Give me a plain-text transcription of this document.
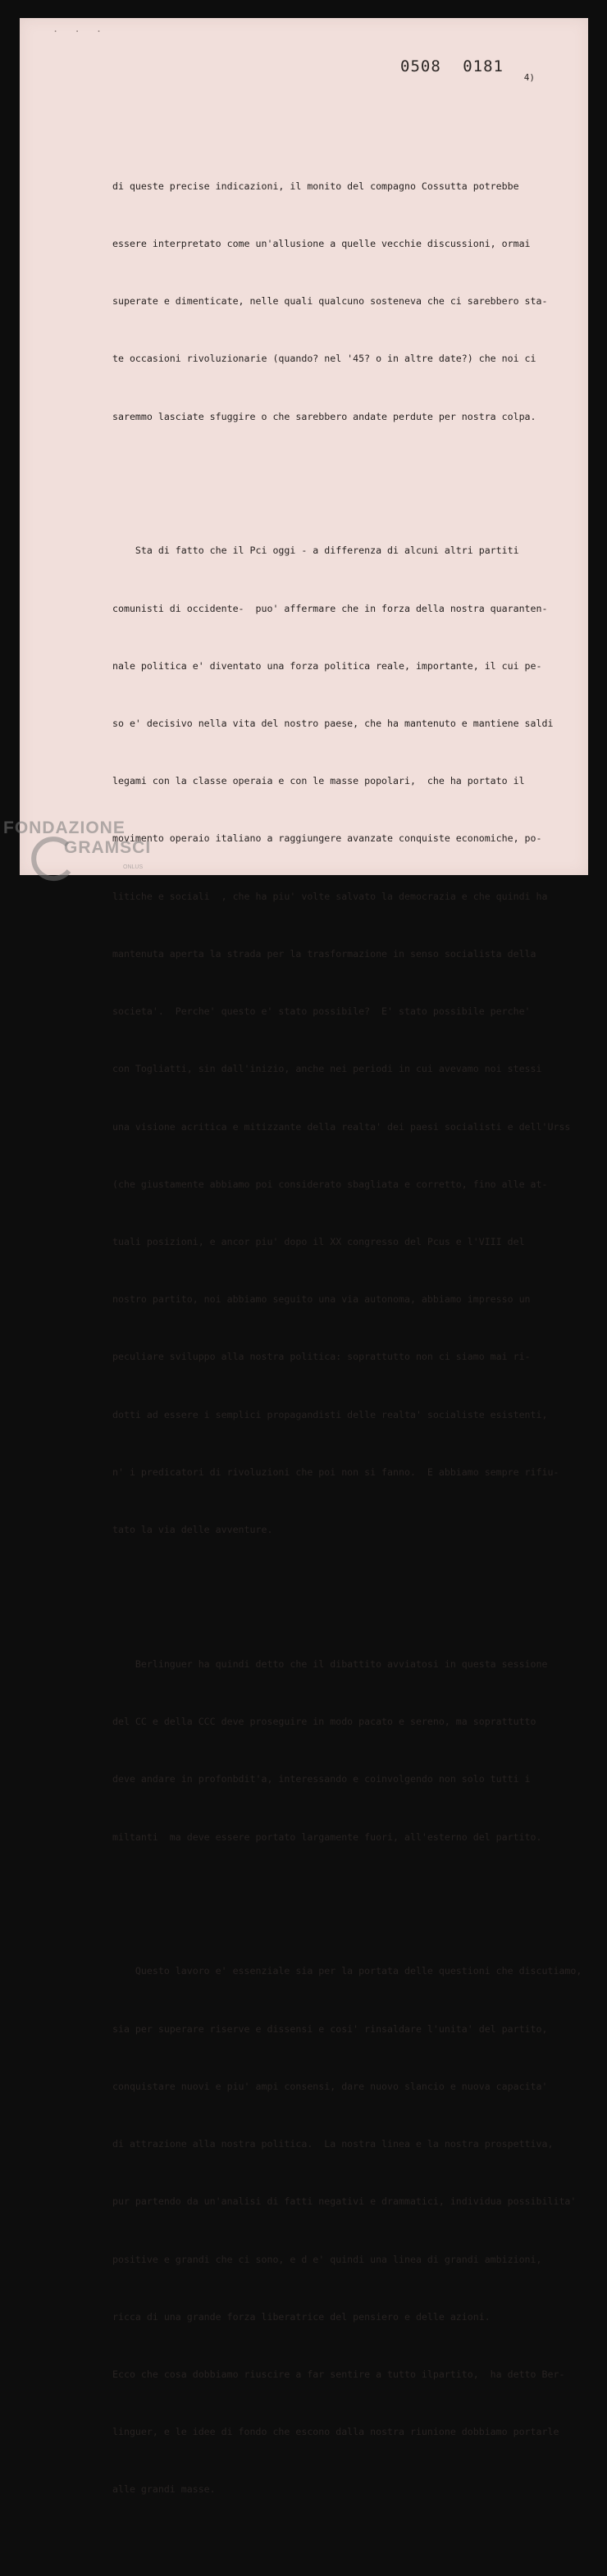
. . .
0508 0181
4)

di queste precise indicazioni, il monito del compagno Cossutta potrebbe

essere interpretato come un'allusione a quelle vecchie discussioni, ormai

superate e dimenticate, nelle quali qualcuno sosteneva che ci sarebbero sta-

te occasioni rivoluzionarie (quando? nel '45? o in altre date?) che noi ci

saremmo lasciate sfuggire o che sarebbero andate perdute per nostra colpa.

Sta di fatto che il Pci oggi - a differenza di alcuni altri partiti

comunisti di occidente-  puo' affermare che in forza della nostra quaranten-

nale politica e' diventato una forza politica reale, importante, il cui pe-

so e' decisivo nella vita del nostro paese, che ha mantenuto e mantiene saldi

legami con la classe operaia e con le masse popolari,  che ha portato il

movimento operaio italiano a raggiungere avanzate conquiste economiche, po-

litiche e sociali  , che ha piu' volte salvato la democrazia e che quindi ha

mantenuta aperta la strada per la trasformazione in senso socialista della

societa'.  Perche' questo e' stato possibile?  E' stato possibile perche'

con Togliatti, sin dall'inizio, anche nei periodi in cui avevamo noi stessi

una visione acritica e mitizzante della realta' dei paesi socialisti e dell'Urss

(che giustamente abbiamo poi considerato sbagliata e corretto, fino alle at-

tuali posizioni, e ancor piu' dopo il XX congresso del Pcus e l'VIII del

nostro partito, noi abbiamo seguito una via autonoma, abbiamo impresso un

peculiare sviluppo alla nostra politica: soprattutto non ci siamo mai ri-

dotti ad essere i semplici propagandisti delle realta' socialiste esistenti,

n' i predicatori di rivoluzioni che poi non si fanno.  E abbiamo sempre rifiu-

tato la via delle avventure.

Berlinguer ha quindi detto che il dibattito avviatosi in questa sessione

del CC e della CCC deve proseguire in modo pacato e sereno, ma soprattutto

deve andare in profonbdit'a, interessando e coinvolgendo non solo tutti i

miltanti  ma deve essere portato largamente fuori, all'esterno del partito.

Questo lavoro e' essenziale sia per la portata delle questioni che discutiamo,

sia per superare riserve e dissensi e cosi' rinsaldare l'unita' del partito,

conquistare nuovi e piu' ampi consensi, dare nuovo slancio e nuova capacita'

di attrazione alla nostra politica.  La nostra linea e la nostra prospettiva,

pur partendo da un'analisi di fatti negativi e drammatici, individua possibilita'

positive e grandi che ci sono, e d e' quindi una linea di grandi ambizioni,

ricca di una grande forza liberatrice del pensiero e delle azioni.

Ecco che cosa dobbiamo riuscire a far sentire a tutto ilpartito,  ha detto Ber-

linguer, e le idee di fondo che escono dalla nostra riunione dobbiamo portarle

alle grandi masse.

FONDAZIONE
GRAMSCI
ONLUS
